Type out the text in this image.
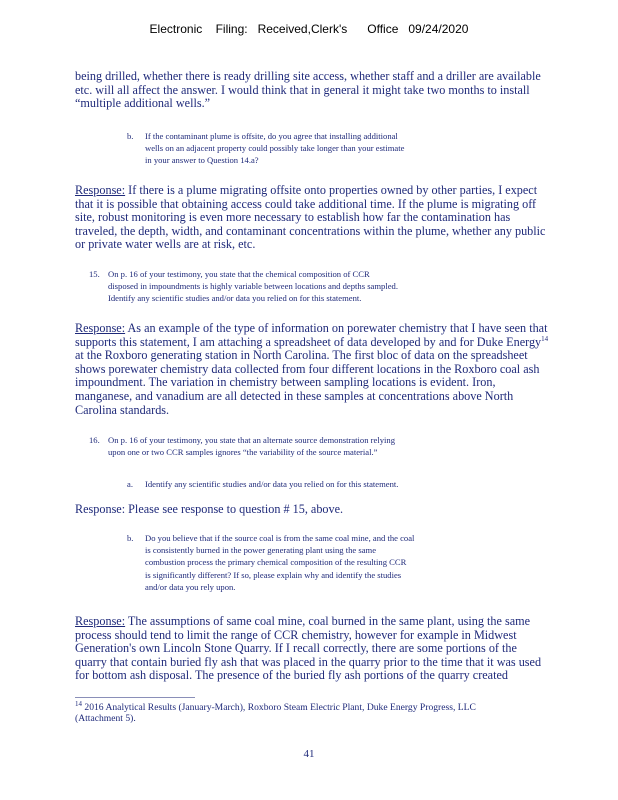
Electronic    Filing:   Received,Clerk's      Office   09/24/2020

being drilled, whether there is ready drilling site access, whether staff and a driller are available

etc. will all affect the answer. I would think that in general it might take two months to install

“multiple additional wells.”

b. If the contaminant plume is offsite, do you agree that installing additional
wells on an adjacent property could possibly take longer than your estimate
in your answer to Question 14.a?

Response: If there is a plume migrating offsite onto properties owned by other parties, I expect

that it is possible that obtaining access could take additional time. If the plume is migrating off

site, robust monitoring is even more necessary to establish how far the contamination has

traveled, the depth, width, and contaminant concentrations within the plume, whether any public

or private water wells are at risk, etc.

15. On p. 16 of your testimony, you state that the chemical composition of CCR
disposed in impoundments is highly variable between locations and depths sampled.
Identify any scientific studies and/or data you relied on for this statement.

Response: As an example of the type of information on porewater chemistry that I have seen that

supports this statement, I am attaching a spreadsheet of data developed by and for Duke Energy$^{14}$

at the Roxboro generating station in North Carolina. The first bloc of data on the spreadsheet

shows porewater chemistry data collected from four different locations in the Roxboro coal ash

impoundment. The variation in chemistry between sampling locations is evident. Iron,

manganese, and vanadium are all detected in these samples at concentrations above North

Carolina standards.

16. On p. 16 of your testimony, you state that an alternate source demonstration relying
upon one or two CCR samples ignores “the variability of the source material.”
a. Identify any scientific studies and/or data you relied on for this statement.

Response: Please see response to question # 15, above.

b. Do you believe that if the source coal is from the same coal mine, and the coal
is consistently burned in the power generating plant using the same
combustion process the primary chemical composition of the resulting CCR
is significantly different? If so, please explain why and identify the studies
and/or data you rely upon.

Response: The assumptions of same coal mine, coal burned in the same plant, using the same

process should tend to limit the range of CCR chemistry, however for example in Midwest

Generation's own Lincoln Stone Quarry. If I recall correctly, there are some portions of the

quarry that contain buried fly ash that was placed in the quarry prior to the time that it was used

for bottom ash disposal. The presence of the buried fly ash portions of the quarry created

$^{14}$ 2016 Analytical Results (January-March), Roxboro Steam Electric Plant, Duke Energy Progress, LLC
(Attachment 5).
41
